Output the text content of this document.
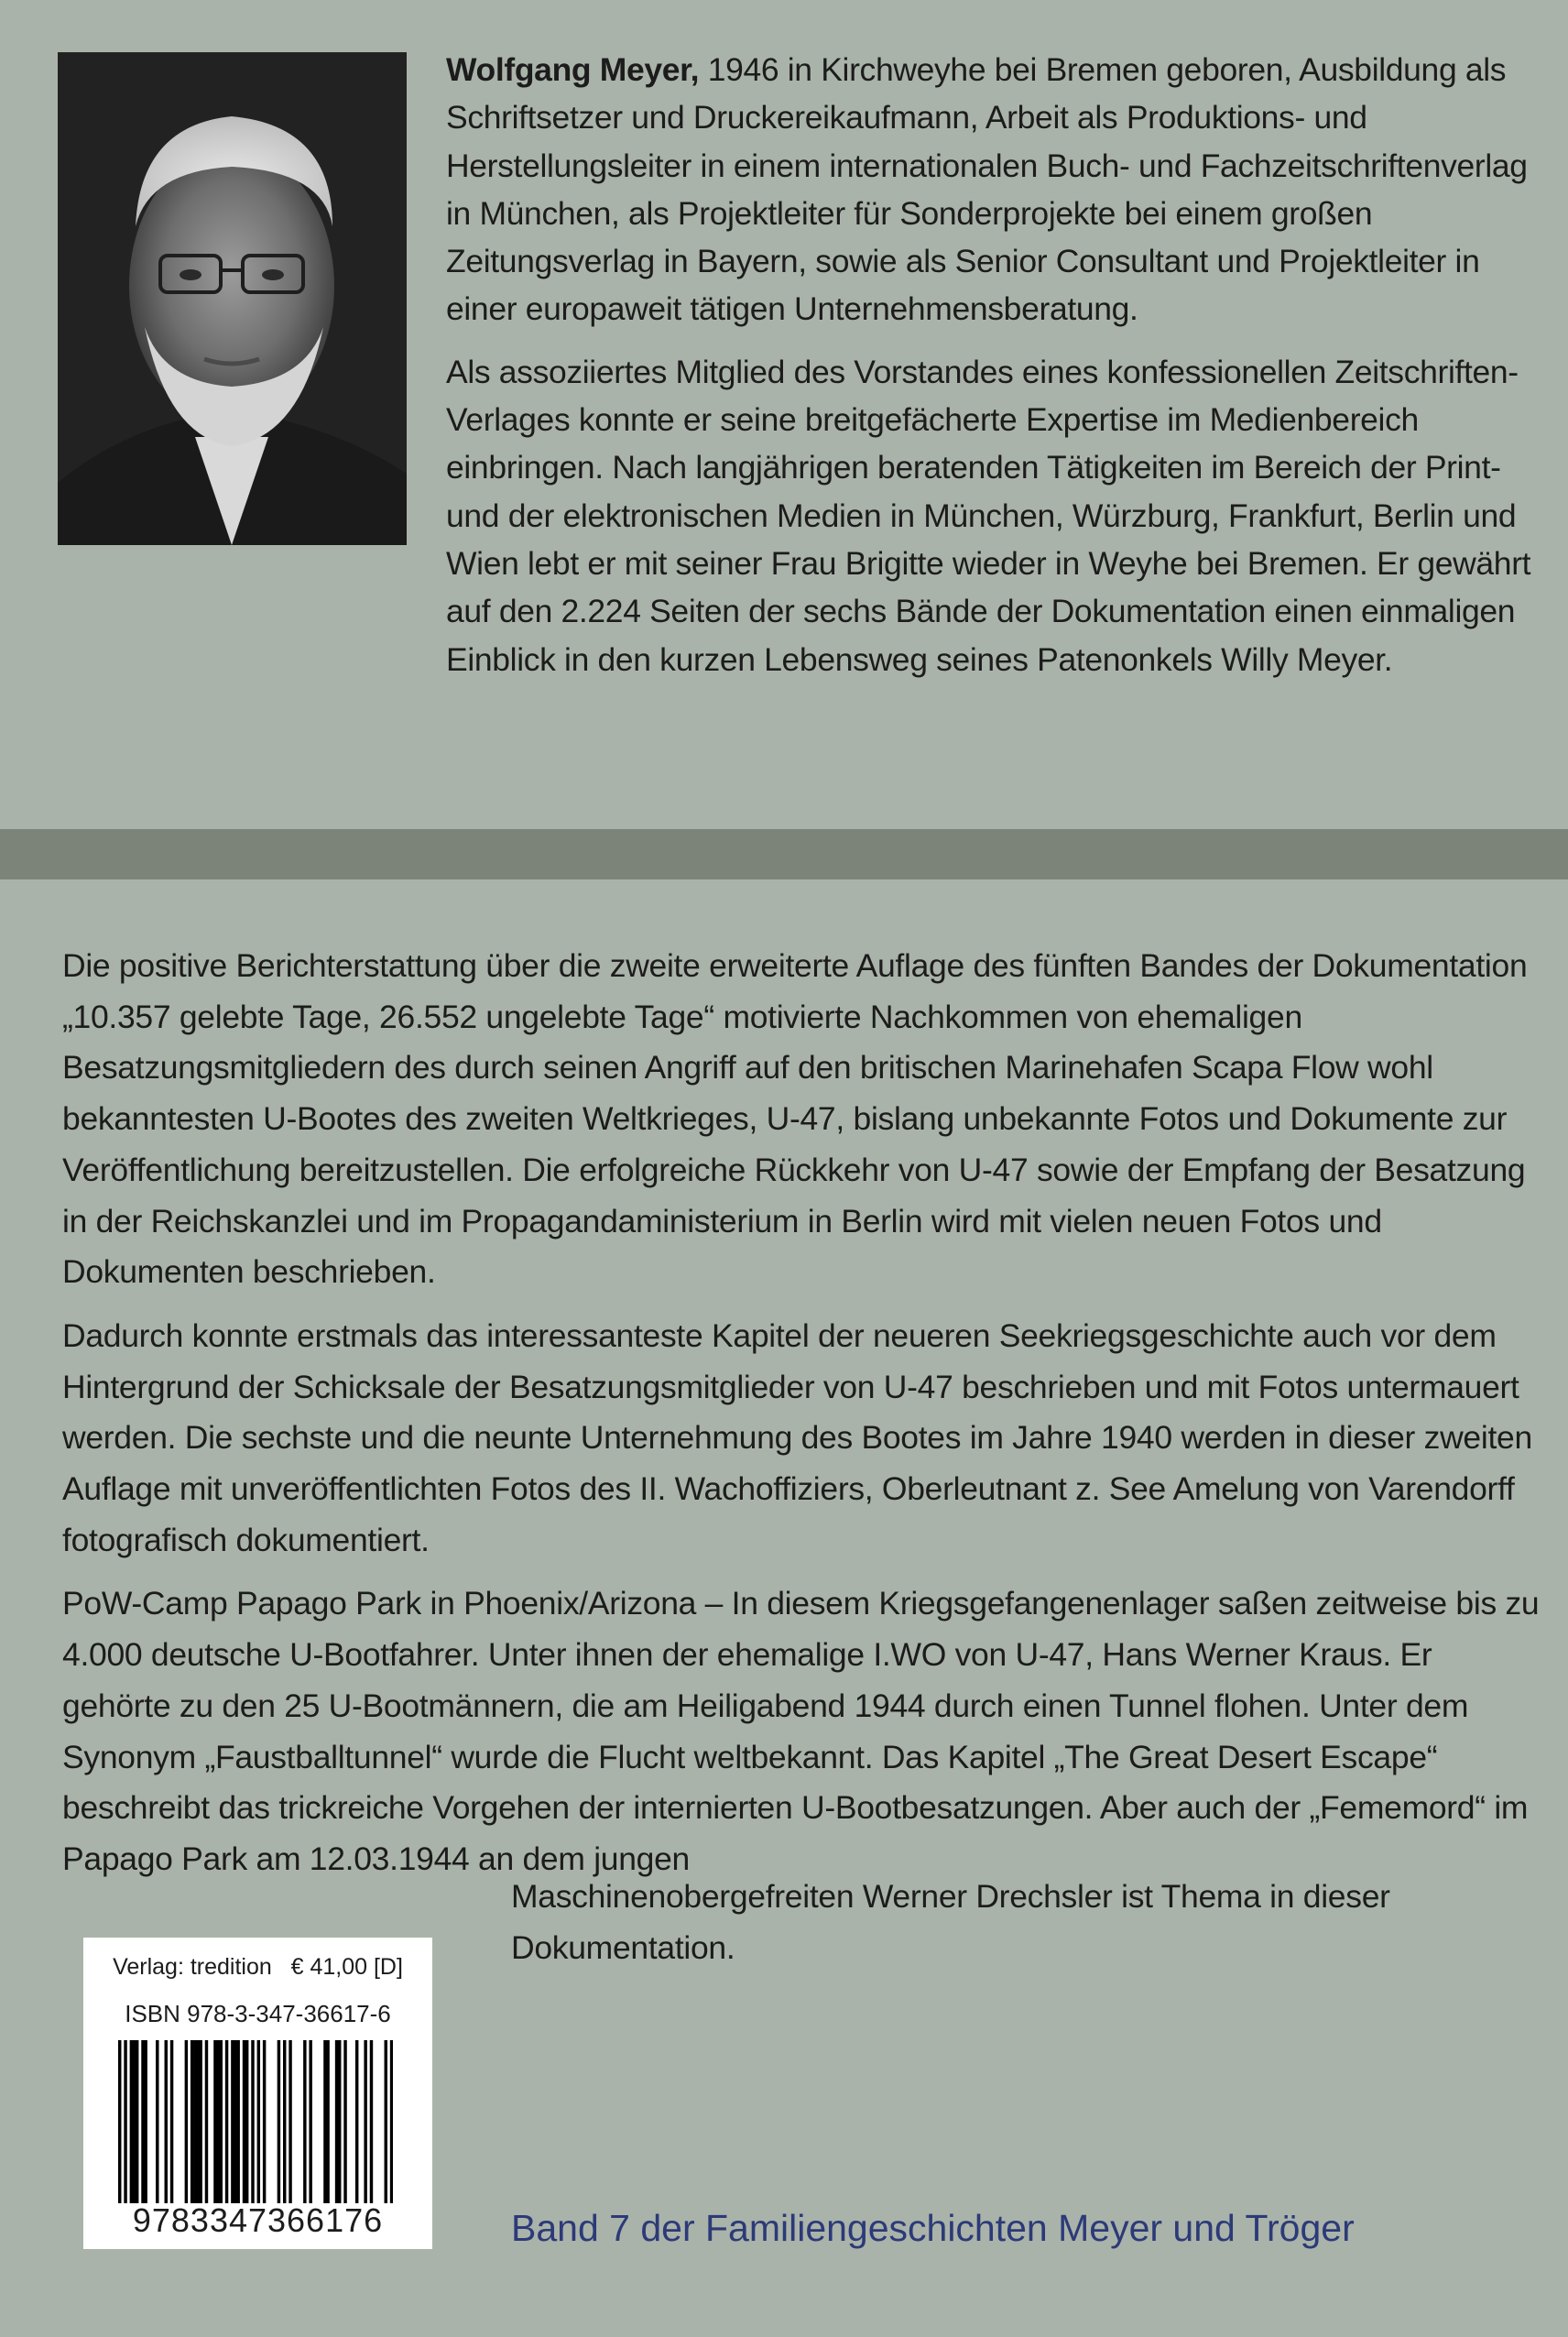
Wolfgang Meyer, 1946 in Kirchweyhe bei Bremen geboren, Ausbildung als Schriftsetzer und Druckereikaufmann, Arbeit als Produktions- und Herstellungsleiter in einem internationalen Buch- und Fachzeitschriftenverlag in München, als Projektleiter für Sonderprojekte bei einem großen Zeitungsverlag in Bayern, sowie als Senior Consultant und Projektleiter in einer europaweit tätigen Unternehmensberatung.

Als assoziiertes Mitglied des Vorstandes eines konfessionellen Zeitschriften-Verlages konnte er seine breitgefächerte Expertise im Medienbereich einbringen. Nach langjährigen beratenden Tätigkeiten im Bereich der Print- und der elektronischen Medien in München, Würzburg, Frankfurt, Berlin und Wien lebt er mit seiner Frau Brigitte wieder in Weyhe bei Bremen. Er gewährt auf den 2.224 Seiten der sechs Bände der Dokumentation einen einmaligen Einblick in den kurzen Lebensweg seines Patenonkels Willy Meyer.

Die positive Berichterstattung über die zweite erweiterte Auflage des fünften Bandes der Dokumentation „10.357 gelebte Tage, 26.552 ungelebte Tage“ motivierte Nachkommen von ehemaligen Besatzungsmitgliedern des durch seinen Angriff auf den britischen Marinehafen Scapa Flow wohl bekanntesten U-Bootes des zweiten Weltkrieges, U-47, bislang unbekannte Fotos und Dokumente zur Veröffentlichung bereitzustellen. Die erfolgreiche Rückkehr von U-47 sowie der Empfang der Besatzung in der Reichskanzlei und im Propagandaministerium in Berlin wird mit vielen neuen Fotos und Dokumenten beschrieben.

Dadurch konnte erstmals das interessanteste Kapitel der neueren Seekriegsgeschichte auch vor dem Hintergrund der Schicksale der Besatzungsmitglieder von U-47 beschrieben und mit Fotos untermauert werden. Die sechste und die neunte Unternehmung des Bootes im Jahre 1940 werden in dieser zweiten Auflage mit unveröffentlichten Fotos des II. Wachoffiziers, Oberleutnant z. See Amelung von Varendorff fotografisch dokumentiert.

PoW-Camp Papago Park in Phoenix/Arizona – In diesem Kriegsgefangenenlager saßen zeitweise bis zu 4.000 deutsche U-Bootfahrer. Unter ihnen der ehemalige I.WO von U-47, Hans Werner Kraus. Er gehörte zu den 25 U-Bootmännern, die am Heiligabend 1944 durch einen Tunnel flohen. Unter dem Synonym „Faustballtunnel“ wurde die Flucht weltbekannt. Das Kapitel „The Great Desert Escape“ beschreibt das trickreiche Vorgehen der internierten U-Bootbesatzungen. Aber auch der „Fememord“ im Papago Park am 12.03.1944 an dem jungen

Maschinenobergefreiten Werner Drechsler ist Thema in dieser Dokumentation.
Verlag: tredition € 41,00 [D]
ISBN 978-3-347-36617-6
9783347366176	Band 7 der Familiengeschichten Meyer und Tröger
